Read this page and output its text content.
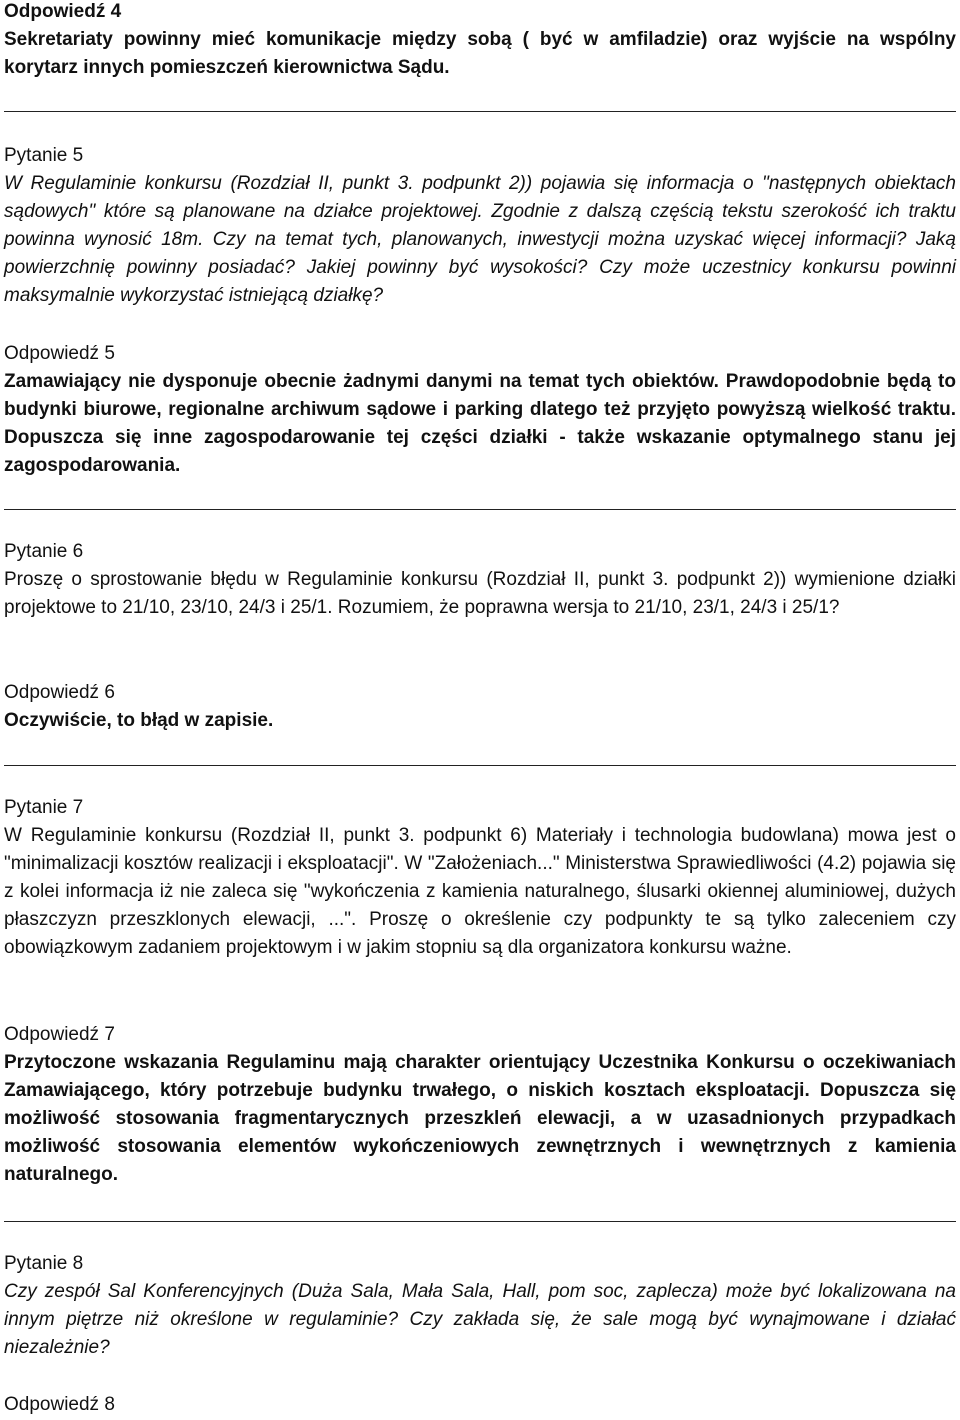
Odpowiedź 4

Sekretariaty powinny mieć komunikacje między sobą ( być w amfiladzie) oraz wyjście na wspólny korytarz innych pomieszczeń kierownictwa Sądu.

Pytanie 5

W Regulaminie konkursu (Rozdział II, punkt 3. podpunkt 2)) pojawia się informacja o "następnych obiektach sądowych" które są planowane na działce projektowej. Zgodnie z dalszą częścią tekstu szerokość ich traktu powinna wynosić 18m. Czy na temat tych, planowanych, inwestycji można uzyskać więcej informacji? Jaką powierzchnię powinny posiadać? Jakiej powinny być wysokości? Czy może uczestnicy konkursu powinni maksymalnie wykorzystać istniejącą działkę?

Odpowiedź 5

Zamawiający nie dysponuje obecnie żadnymi danymi na temat tych obiektów. Prawdopodobnie będą to budynki biurowe, regionalne archiwum sądowe i parking dlatego też przyjęto powyższą wielkość traktu. Dopuszcza się inne zagospodarowanie tej części działki - także wskazanie optymalnego stanu jej zagospodarowania.

Pytanie 6

Proszę o sprostowanie błędu w Regulaminie konkursu (Rozdział II, punkt 3. podpunkt 2)) wymienione działki projektowe to 21/10, 23/10, 24/3 i 25/1. Rozumiem, że poprawna wersja to 21/10, 23/1, 24/3 i 25/1?

Odpowiedź 6

Oczywiście, to błąd w zapisie.

Pytanie 7

W Regulaminie konkursu (Rozdział II, punkt 3. podpunkt 6) Materiały i technologia budowlana) mowa jest o "minimalizacji kosztów realizacji i eksploatacji". W "Założeniach..." Ministerstwa Sprawiedliwości (4.2) pojawia się z kolei informacja iż nie zaleca się "wykończenia z kamienia naturalnego, ślusarki okiennej aluminiowej, dużych płaszczyzn przeszklonych elewacji, ...". Proszę o określenie czy podpunkty te są tylko zaleceniem czy obowiązkowym zadaniem projektowym i w jakim stopniu są dla organizatora konkursu ważne.

Odpowiedź 7

Przytoczone wskazania Regulaminu mają charakter orientujący Uczestnika Konkursu o oczekiwaniach Zamawiającego, który potrzebuje budynku trwałego, o niskich kosztach eksploatacji. Dopuszcza się możliwość stosowania fragmentarycznych przeszkleń elewacji, a w uzasadnionych przypadkach możliwość stosowania elementów wykończeniowych zewnętrznych i wewnętrznych z kamienia naturalnego.

Pytanie 8

Czy zespół Sal Konferencyjnych (Duża Sala, Mała Sala, Hall, pom soc, zaplecza) może być lokalizowana na innym piętrze niż określone w regulaminie? Czy zakłada się, że sale mogą być wynajmowane i działać niezależnie?

Odpowiedź 8
